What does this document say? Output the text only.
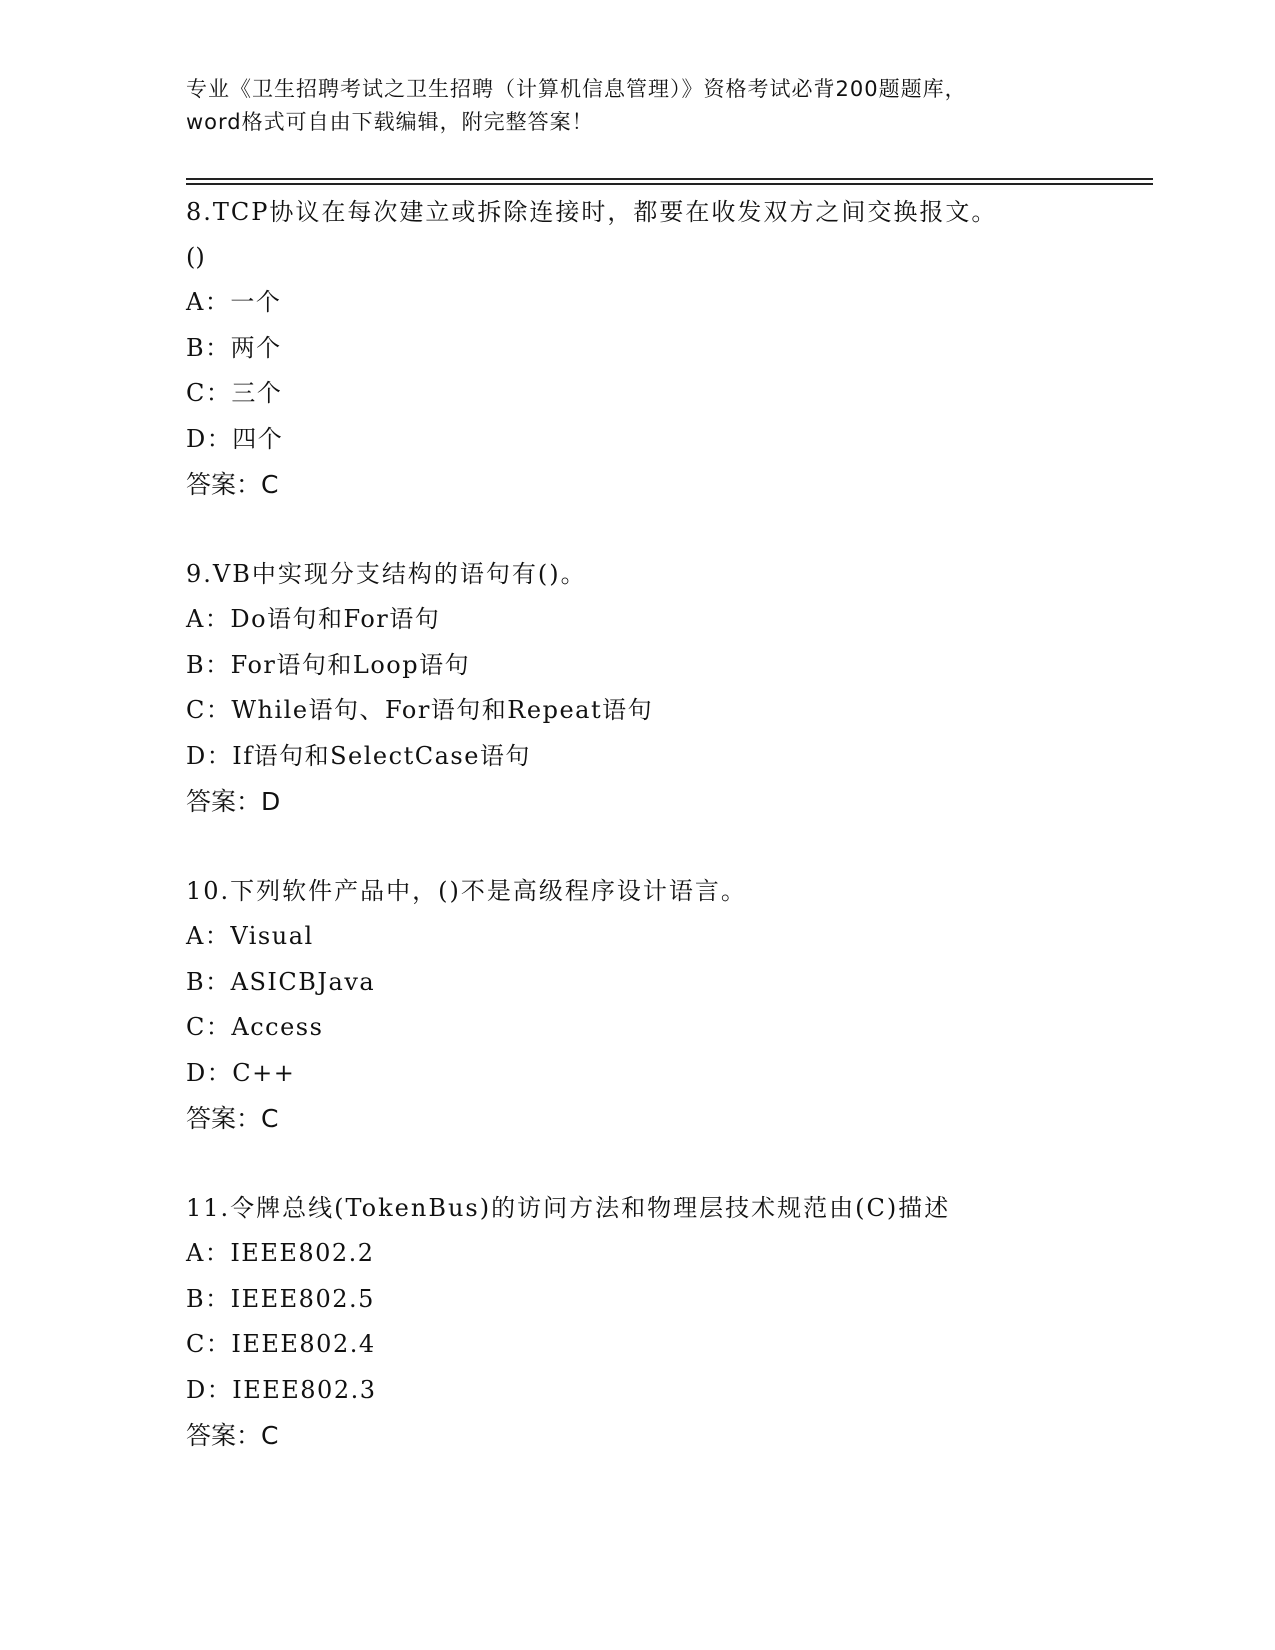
专业《卫生招聘考试之卫生招聘（计算机信息管理）》资格考试必背200题题库，
word格式可自由下载编辑，附完整答案！

8.TCP协议在每次建立或拆除连接时，都要在收发双方之间交换报文。

()

A：一个
B：两个
C：三个
D：四个
答案：C

9.VB中实现分支结构的语句有()。

A：Do语句和For语句
B：For语句和Loop语句
C：While语句、For语句和Repeat语句
D：If语句和SelectCase语句
答案：D

10.下列软件产品中，()不是高级程序设计语言。

A：Visual
B：ASICBJava
C：Access
D：C++
答案：C

11.令牌总线(TokenBus)的访问方法和物理层技术规范由(C)描述

A：IEEE802.2
B：IEEE802.5
C：IEEE802.4
D：IEEE802.3
答案：C
